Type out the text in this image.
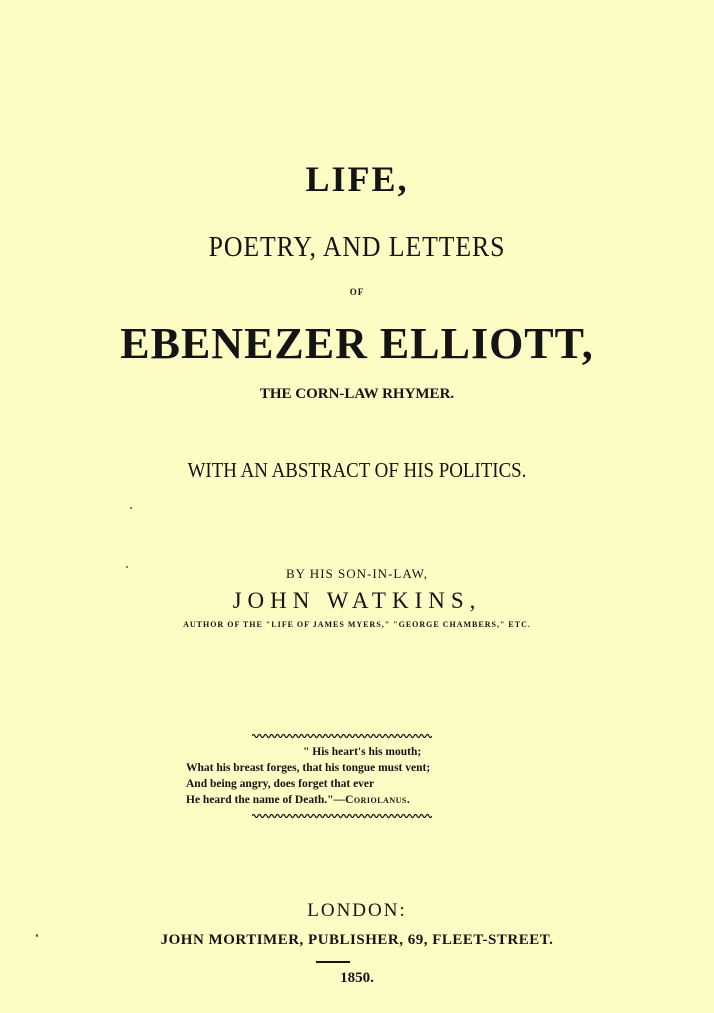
LIFE,
POETRY, AND LETTERS
OF
EBENEZER ELLIOTT,
THE CORN-LAW RHYMER.
WITH AN ABSTRACT OF HIS POLITICS.
BY HIS SON-IN-LAW,
JOHN WATKINS,
AUTHOR OF THE "LIFE OF JAMES MYERS," "GEORGE CHAMBERS," ETC.
" His heart's his mouth;
What his breast forges, that his tongue must vent;
And being angry, does forget that ever
He heard the name of Death."—Coriolanus.
LONDON:
JOHN MORTIMER, PUBLISHER, 69, FLEET-STREET.
1850.
